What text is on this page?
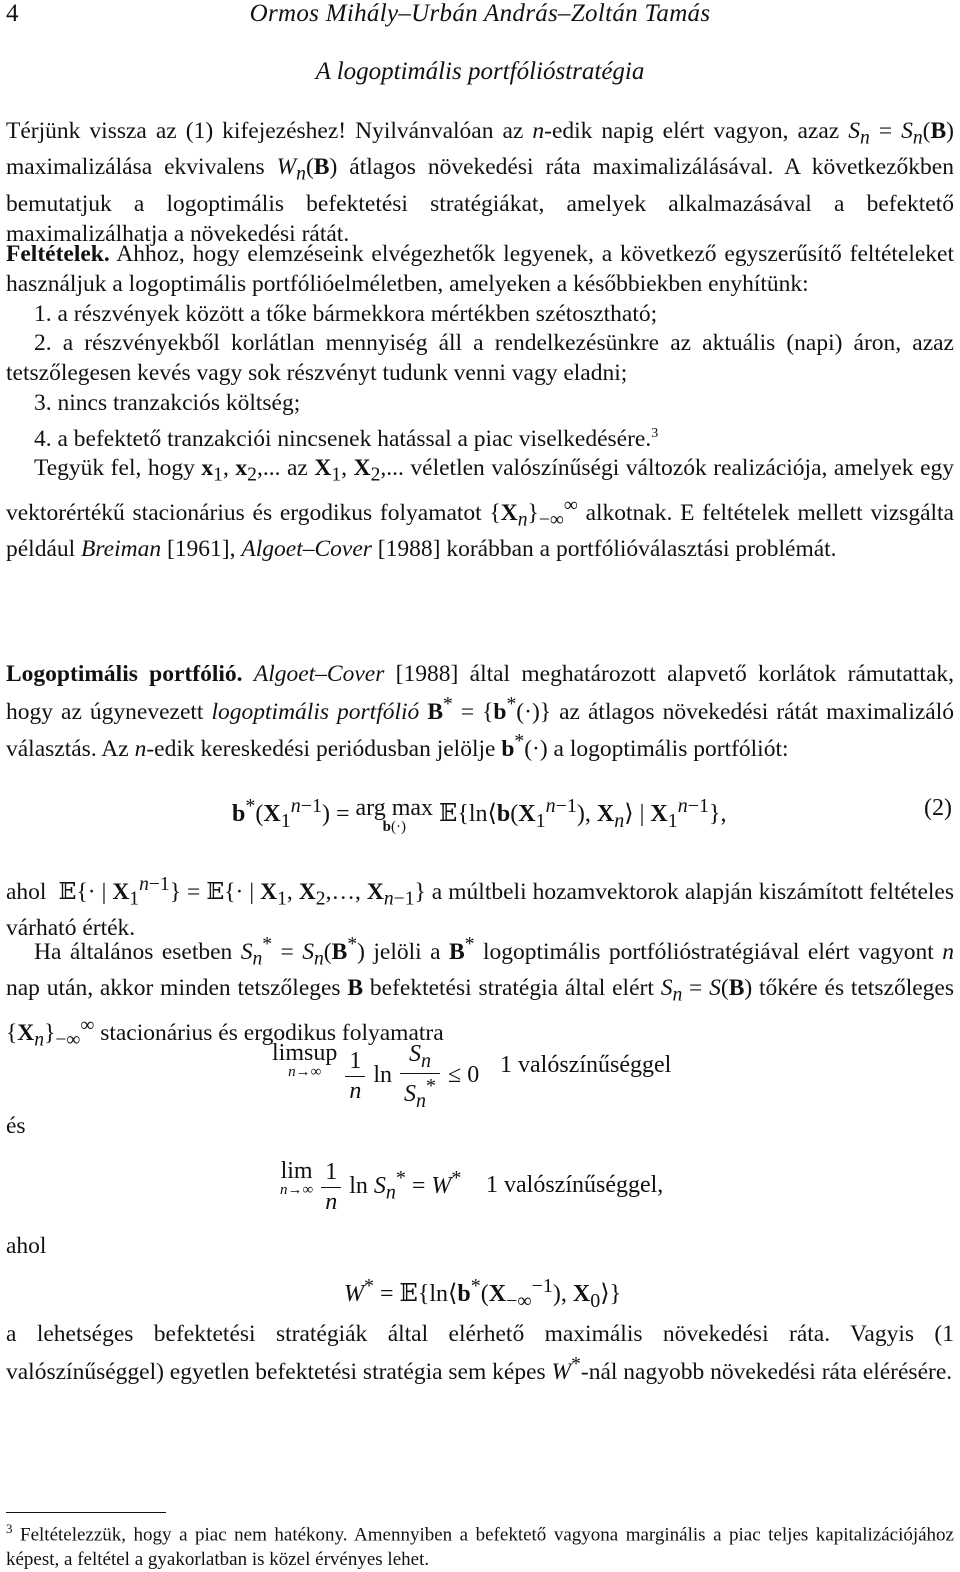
4	Ormos Mihály–Urbán András–Zoltán Tamás
A logoptimális portfólióstratégia

Térjünk vissza az (1) kifejezéshez! Nyilvánvalóan az n-edik napig elért vagyon, azaz $S_n = S_n(B)$ maximalizálása ekvivalens $W_n(B)$ átlagos növekedési ráta maximalizálásával. A következőkben bemutatjuk a logoptimális befektetési stratégiákat, amelyek alkalmazásával a befektető maximalizálhatja a növekedési rátát.

Feltételek. Ahhoz, hogy elemzéseink elvégezhetők legyenek, a következő egyszerűsítő feltételeket használjuk a logoptimális portfólióelméletben, amelyeken a későbbiekben enyhítünk:

1. a részvények között a tőke bármekkora mértékben szétosztható;

2. a részvényekből korlátlan mennyiség áll a rendelkezésünkre az aktuális (napi) áron, azaz tetszőlegesen kevés vagy sok részvényt tudunk venni vagy eladni;

3. nincs tranzakciós költség;

4. a befektető tranzakciói nincsenek hatással a piac viselkedésére.$^3$

Tegyük fel, hogy $x_1$, $x_2$,... az $X_1$, $X_2$,... véletlen valószínűségi változók realizációja, amelyek egy vektorértékű stacionárius és ergodikus folyamatot $\{X_n\}_{-\infty}^\infty$ alkotnak. E feltételek mellett vizsgálta például Breiman [1961], Algoet–Cover [1988] korábban a portfólióválasztási problémát.

Logoptimális portfólió. Algoet–Cover [1988] által meghatározott alapvető korlátok rámutattak, hogy az úgynevezett logoptimális portfólió B* = {b*(·)} az átlagos növekedési rátát maximalizáló választás. Az n-edik kereskedési periódusban jelölje b*(·) a logoptimális portfóliót:

$b^*(X_1^{n-1})$ = arg max
b(·)	$𝔼\{\ln⟨b(X_1^{n-1})$, $X_n⟩$ | $X_1^{n-1}$},	(2)

ahol  𝔼{· | $X_1^{n-1}$} = 𝔼{· | $X_1$, $X_2,\dots$, $X_{n-1}$} a múltbeli hozamvektorok alapján kiszámított feltételes várható érték.

Ha általános esetben $S_n^* = S_n(B^*)$ jelöli a B* logoptimális portfólióstratégiával elért vagyont n nap után, akkor minden tetszőleges B befektetési stratégia által elért $S_n = S(B)$ tőkére és tetszőleges $\{X_n\}_{-\infty}^\infty$ stacionárius és ergodikus folyamatra

limsup
n→∞
	$\frac{1}{n}$ $\ln \frac{S_n}{S_n^*} \le 0$ 1 valószínűséggel
és
lim
n→∞
$\frac{1}{n}$ $\ln S_n^* = W^*$ 1 valószínűséggel,
ahol
$W^* = 𝔼\{\ln⟨b^*(X_{-\infty}^{-1})$, $X_0⟩$}

a lehetséges befektetési stratégiák által elérhető maximális növekedési ráta. Vagyis (1 valószínűséggel) egyetlen befektetési stratégia sem képes W*-nál nagyobb növekedési ráta elérésére.

$^3$ Feltételezzük, hogy a piac nem hatékony. Amennyiben a befektető vagyona marginális a piac teljes kapitalizációjához képest, a feltétel a gyakorlatban is közel érvényes lehet.
